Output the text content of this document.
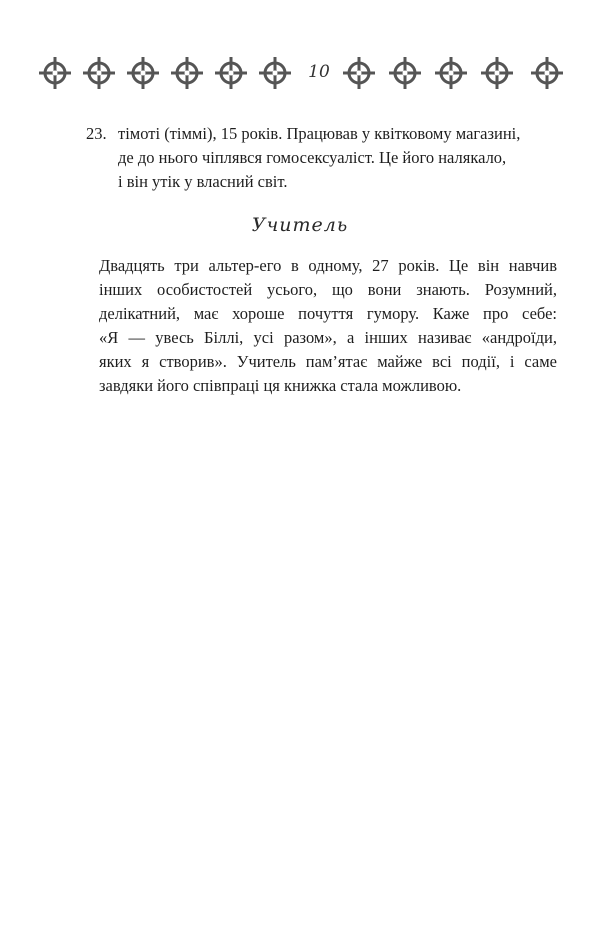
10
23. тімоті (тіммі), 15 років. Працював у квітковому магазині,
де до нього чіплявся гомосексуаліст. Це його налякало,
і він утік у власний світ.
Учитель
Двадцять три альтер-его в одному, 27 років. Це він навчив
інших особистостей усього, що вони знають. Розумний,
делікатний, має хороше почуття гумору. Каже про себе:
«Я — увесь Біллі, усі разом», а інших називає «андроїди,
яких я створив». Учитель пам’ятає майже всі події, і саме
завдяки його співпраці ця книжка стала можливою.
